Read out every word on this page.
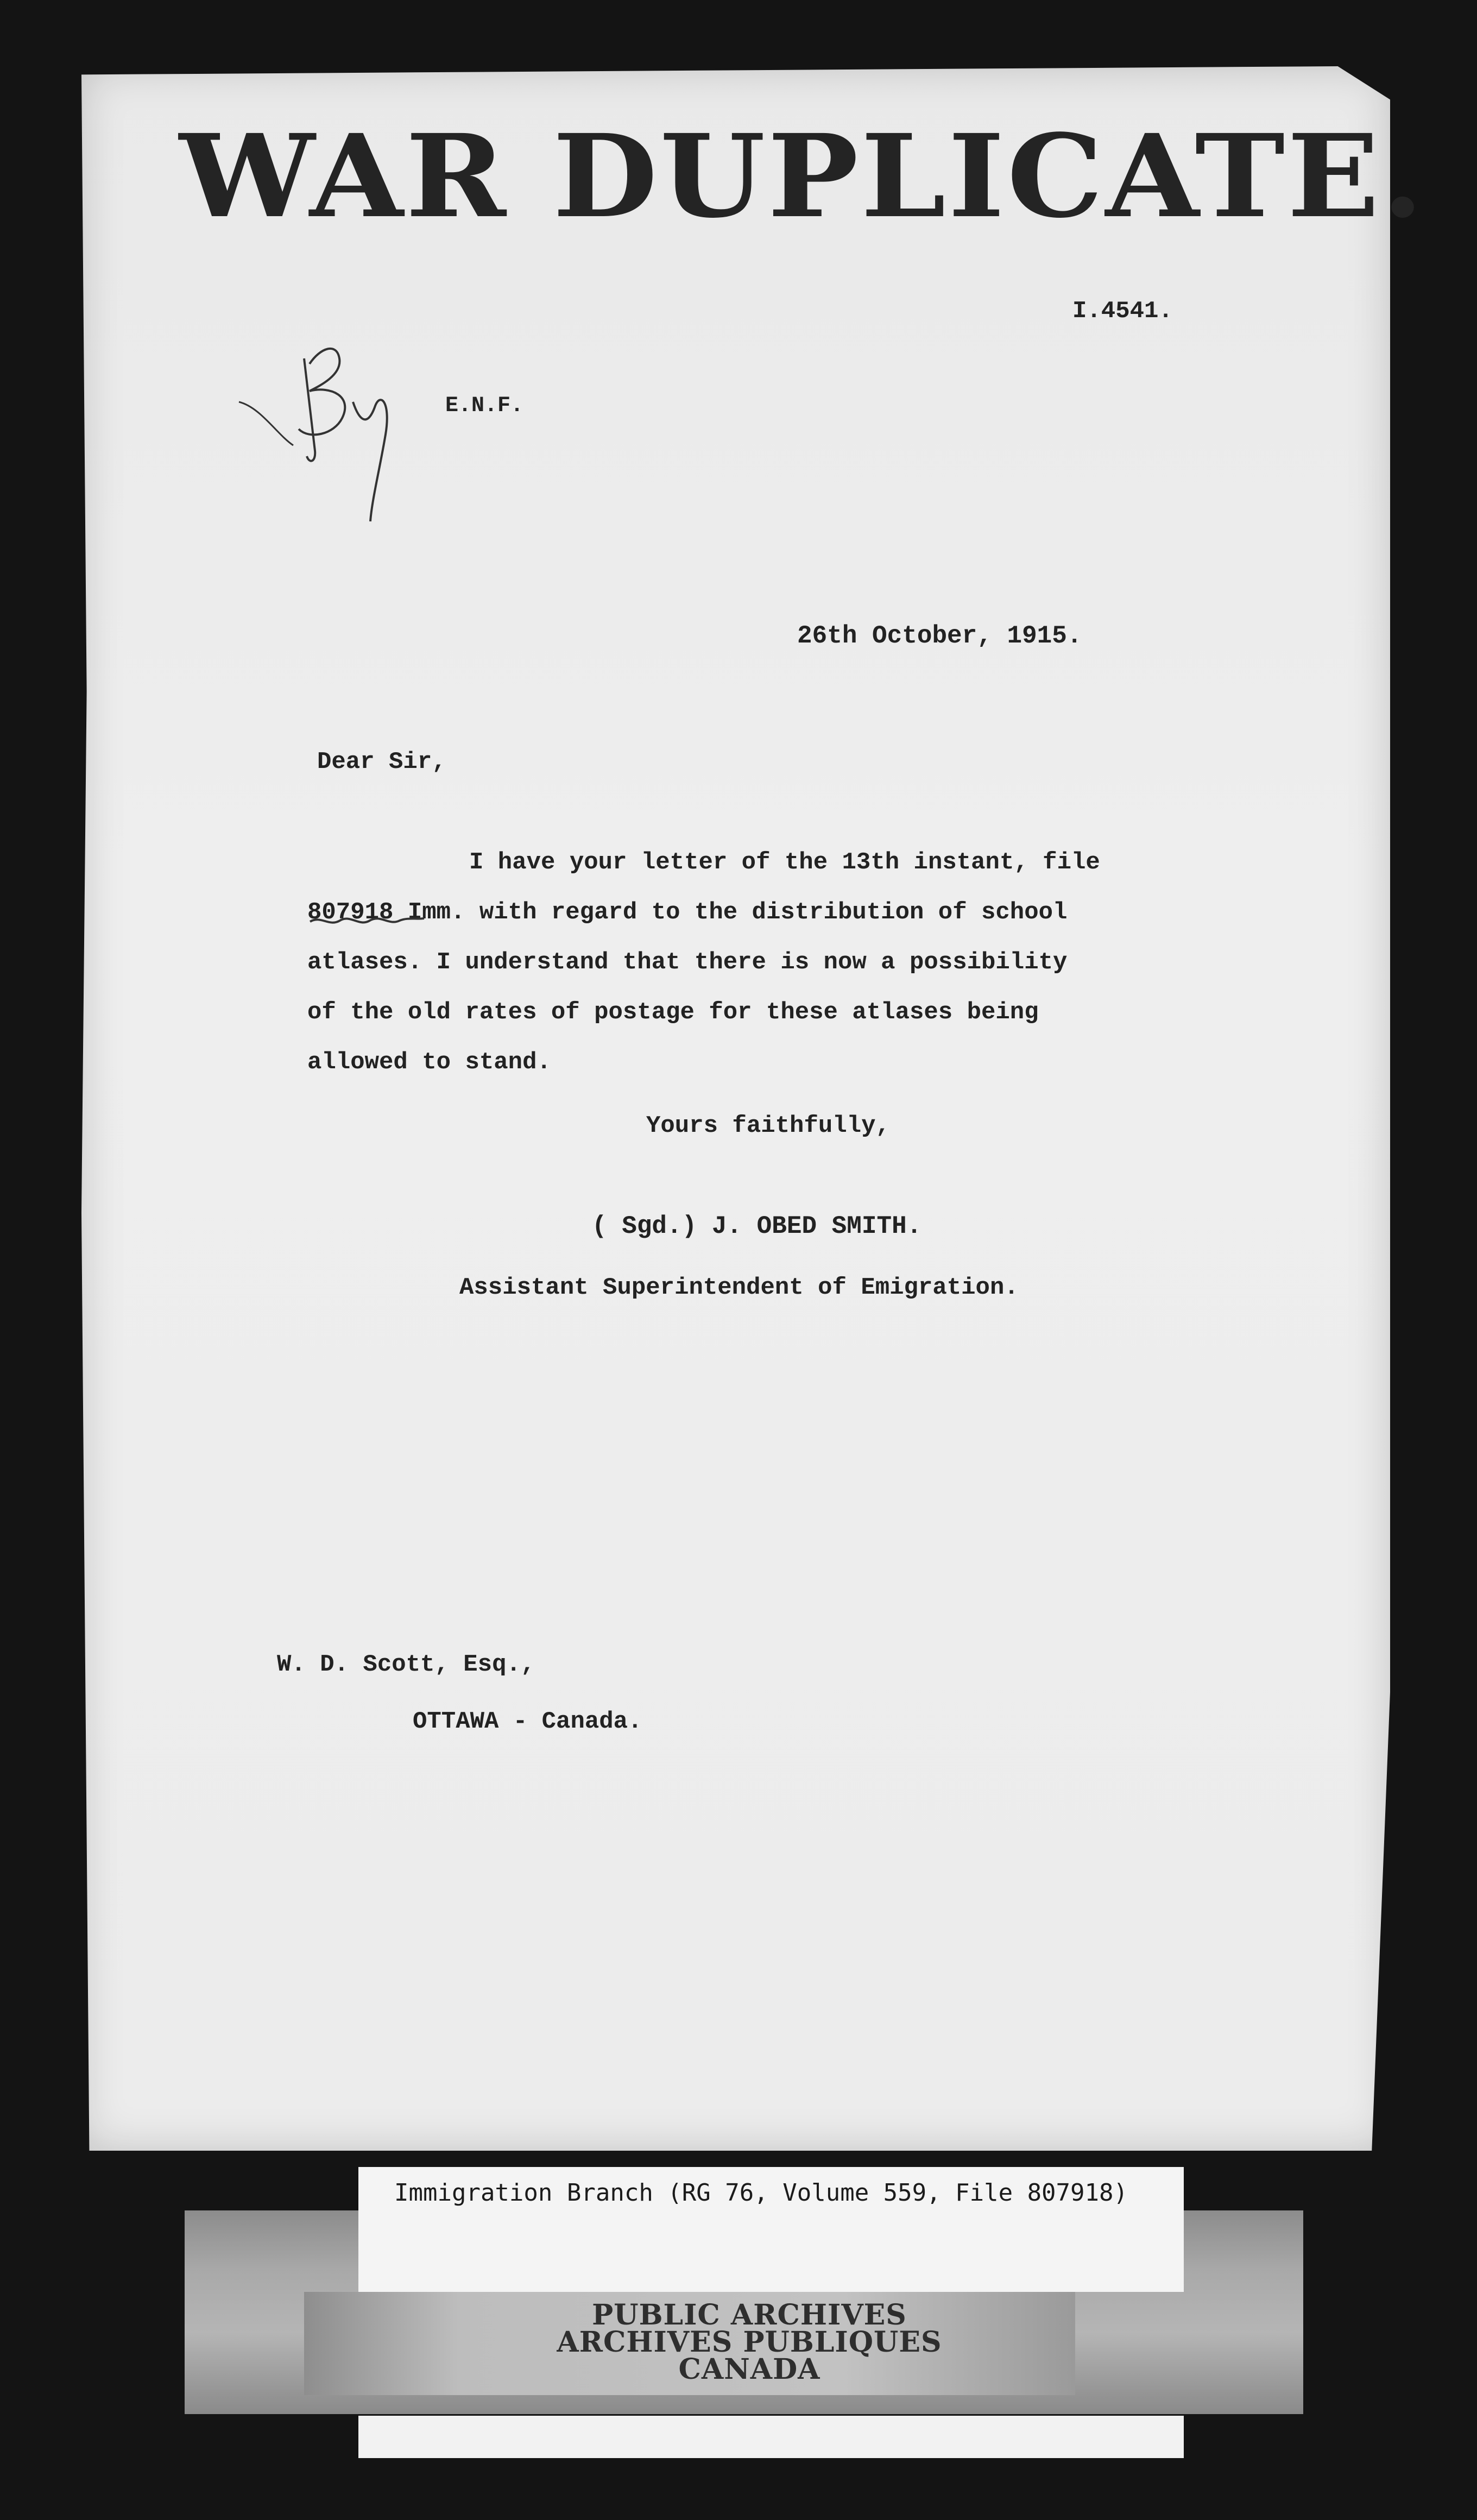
WAR DUPLICATE.
I.4541.
E.N.F.
26th October, 1915.
Dear Sir,
I have your letter of the 13th instant, file
807918 Imm. with regard to the distribution of school
atlases. I understand that there is now a possibility
of the old rates of postage for these atlases being
allowed to stand.
Yours faithfully,
( Sgd.) J. OBED SMITH.
Assistant Superintendent of Emigration.
W. D. Scott, Esq.,
OTTAWA - Canada.
Immigration Branch (RG 76, Volume 559, File 807918)
PUBLIC ARCHIVES
ARCHIVES PUBLIQUES
CANADA
